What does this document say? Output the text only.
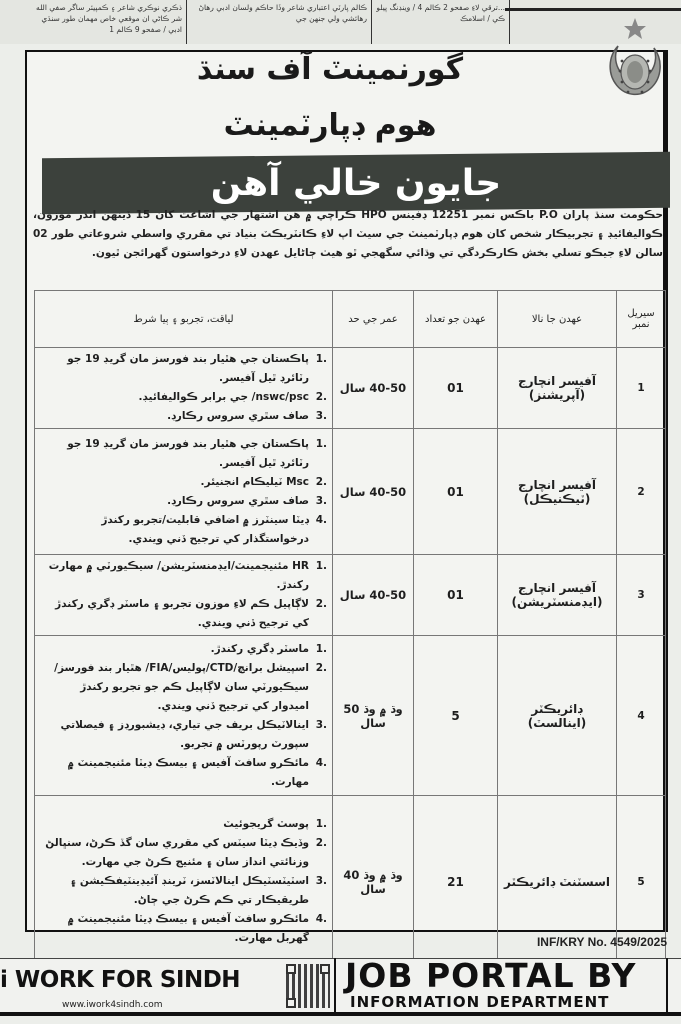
...ترقي لاءِ صفحو 2 ڪالم 4 / وينڊنگ پيلو ڪي / اسلامڪ
ڪالم پارٽي اعتباري شاعر وڏا حاڪم ولسان ادبي رهاڻ رهائشي ولي جنهن جي
ذڪري نوڪري شاعر ۽ ڪمپيئر ساگر صفي الله شر ڪاڻي ان موقعي خاص مهمان طور سنڌي ادبي / صفحو 9 ڪالم 1
گورنمينٽ آف سنڌ
هوم ڊپارٽمينٽ
جايون خالي آهن
حڪومت سنڌ پاران P.O باڪس نمبر 12251 ڊفينس HPO ڪراچي ۾ هن اشتهار جي اشاعت کان 15 ڏينهن اندر موزون، ڪواليفائيڊ ۽ تجربيڪار شخص کان هوم ڊپارٽمينٽ جي سيٽ اپ لاءِ ڪانٽريڪٽ بنياد تي مقرري واسطي شروعاتي طور 02 سالن لاءِ جيڪو تسلي بخش ڪارڪردگي تي وڌائي سگهجي ٿو هيٺ ڄاڻايل عهدن لاءِ درخواستون گهرائجن ٿيون.
سيريل نمبر	عهدن جا نالا	عهدن جو تعداد	عمر جي حد	لياقت، تجربو ۽ ٻيا شرط
1	
آفيسر انچارج
(آپريشنز)
	01	40-50 سال	
پاڪستان جي هٿيار بند فورسز مان گريڊ 19 جو رٽائرڊ ٿيل آفيسر.
nswc/psc/ جي برابر ڪواليفائيڊ.
صاف سٿري سروس رڪارڊ.

2	
آفيسر انچارج
(ٽيڪنيڪل)
	01	40-50 سال	
پاڪستان جي هٿيار بند فورسز مان گريڊ 19 جو رٽائرڊ ٿيل آفيسر.
Msc ٽيليڪام انجنيئر.
صاف سٿري سروس رڪارڊ.
ڊيٽا سينٽرز ۾ اضافي قابليت/تجربو رکندڙ درخواستگذار کي ترجيح ڏني ويندي.

3	
آفيسر انچارج
(ايڊمنسٽريشن)
	01	40-50 سال	
HR مئنيجمينٽ/ايڊمنسٽريشن/ سيڪيورٽي ۾ مهارت رکندڙ.
لاڳاپيل ڪم لاءِ موزون تجربو ۽ ماسٽر ڊگري رکندڙ کي ترجيح ڏني ويندي.

4	
ڊائريڪٽر
(اينالسٽ)
	5	وڌ ۾ وڌ 50 سال	
ماسٽر ڊگري رکندڙ.
اسپيشل برانچ/CTD/پوليس/FIA/ هٿيار بند فورسز/سيڪيورٽي سان لاڳاپيل ڪم جو تجربو رکندڙ اميدوار کي ترجيح ڏني ويندي.
اينالاٽيڪل بريف جي تياري، ڊيشبورڊز ۽ فيصلاتي سپورٽ رپورٽس ۾ تجربو.
مائڪرو سافٽ آفيس ۽ بيسڪ ڊيٽا مئنيجمينٽ ۾ مهارت.

5	
اسسٽنٽ ڊائريڪٽر
	21	وڌ ۾ وڌ 40 سال	
پوسٽ گريجوئيٽ
وڏيڪ ڊيٽا سيٽس کي مقرري سان گڏ ڪرڻ، سنڀالڻ وزنائتي انداز سان ۽ مئنيج ڪرڻ جي مهارت.
اسٽيٽسٽيڪل اينالاٽسز، ٽرينڊ آئيڊينٽيفڪيشن ۽ طريقيڪار تي ڪم ڪرڻ جي ڄاڻ.
مائڪرو سافٽ آفيس ۽ بيسڪ ڊيٽا مئنيجمينٽ ۾ گهربل مهارت.	INF/KRY No. 4549/2025
i WORK FOR SINDH
www.iwork4sindh.com
JOB PORTAL BY
INFORMATION DEPARTMENT
